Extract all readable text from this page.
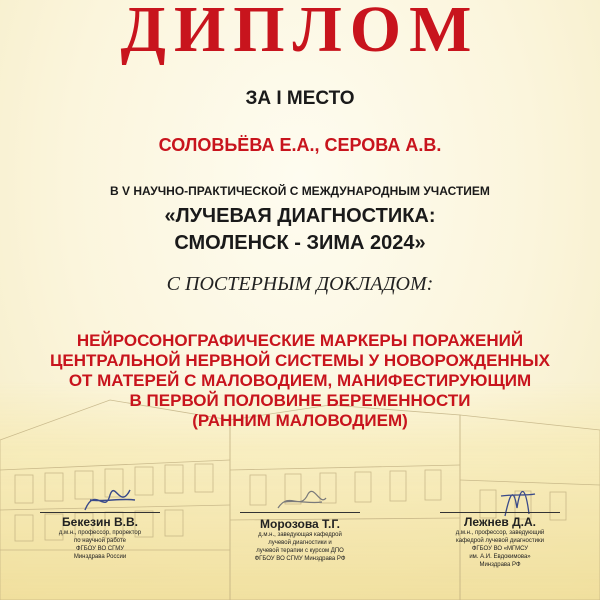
ДИПЛОМ
ЗА I МЕСТО
СОЛОВЬЁВА Е.А., СЕРОВА А.В.
В V НАУЧНО-ПРАКТИЧЕСКОЙ С МЕЖДУНАРОДНЫМ УЧАСТИЕМ
«ЛУЧЕВАЯ ДИАГНОСТИКА:
СМОЛЕНСК - ЗИМА 2024»
С ПОСТЕРНЫМ ДОКЛАДОМ:
НЕЙРОСОНОГРАФИЧЕСКИЕ МАРКЕРЫ ПОРАЖЕНИЙ
ЦЕНТРАЛЬНОЙ НЕРВНОЙ СИСТЕМЫ У НОВОРОЖДЕННЫХ
ОТ МАТЕРЕЙ С МАЛОВОДИЕМ, МАНИФЕСТИРУЮЩИМ
В ПЕРВОЙ ПОЛОВИНЕ БЕРЕМЕННОСТИ
(РАННИМ МАЛОВОДИЕМ)
Бекезин В.В.
д.м.н., профессор, проректор
по научной работе
ФГБОУ ВО СГМУ
Минздрава России
Морозова Т.Г.
д.м.н., заведующая кафедрой
лучевой диагностики и
лучевой терапии с курсом ДПО
ФГБОУ ВО СГМУ Минздрава РФ
Лежнев Д.А.
д.м.н., профессор, заведующий
кафедрой лучевой диагностики
ФГБОУ ВО «МГМСУ
им. А.И. Евдокимова»
Минздрава РФ
